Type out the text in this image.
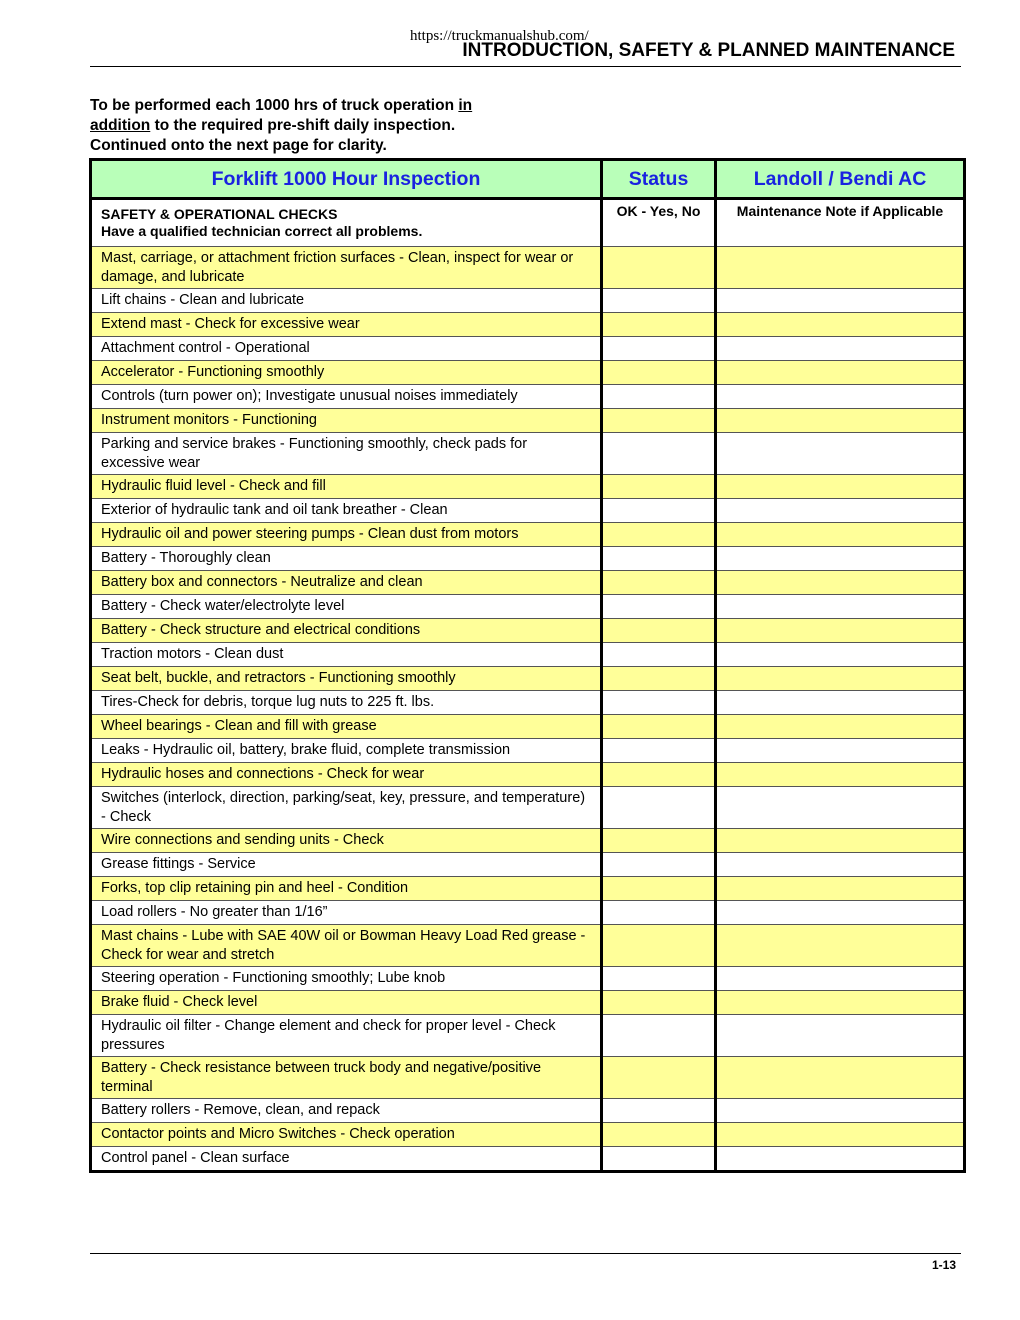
https://truckmanualshub.com/
INTRODUCTION, SAFETY & PLANNED MAINTENANCE
To be performed each 1000 hrs of truck operation in
addition to the required pre-shift daily inspection.
Continued onto the next page for clarity.
Forklift 1000 Hour Inspection	Status	Landoll / Bendi AC

SAFETY & OPERATIONAL CHECKS
Have a qualified technician correct all problems.	OK - Yes, No	Maintenance Note if Applicable
Mast, carriage, or attachment friction surfaces - Clean, inspect for wear or damage, and lubricate		
Lift chains - Clean and lubricate		
Extend mast - Check for excessive wear		
Attachment control - Operational		
Accelerator - Functioning smoothly		
Controls (turn power on); Investigate unusual noises immediately		
Instrument monitors - Functioning		
Parking and service brakes - Functioning smoothly, check pads for excessive wear		
Hydraulic fluid level - Check and fill		
Exterior of hydraulic tank and oil tank breather - Clean		
Hydraulic oil and power steering pumps - Clean dust from motors		
Battery - Thoroughly clean		
Battery box and connectors - Neutralize and clean		
Battery - Check water/electrolyte level		
Battery - Check structure and electrical conditions		
Traction motors - Clean dust		
Seat belt, buckle, and retractors - Functioning smoothly		
Tires-Check for debris, torque lug nuts to 225 ft. lbs.		
Wheel bearings - Clean and fill with grease		
Leaks - Hydraulic oil, battery, brake fluid, complete transmission		
Hydraulic hoses and connections - Check for wear		
Switches (interlock, direction, parking/seat, key, pressure, and temperature) - Check		
Wire connections and sending units - Check		
Grease fittings - Service		
Forks, top clip retaining pin and heel - Condition		
Load rollers - No greater than 1/16”		
Mast chains - Lube with SAE 40W oil or Bowman Heavy Load Red grease - Check for wear and stretch		
Steering operation - Functioning smoothly; Lube knob		
Brake fluid - Check level		
Hydraulic oil filter - Change element and check for proper level - Check pressures		
Battery - Check resistance between truck body and negative/positive terminal		
Battery rollers - Remove, clean, and repack		
Contactor points and Micro Switches - Check operation		
Control panel - Clean surface		
1-13
